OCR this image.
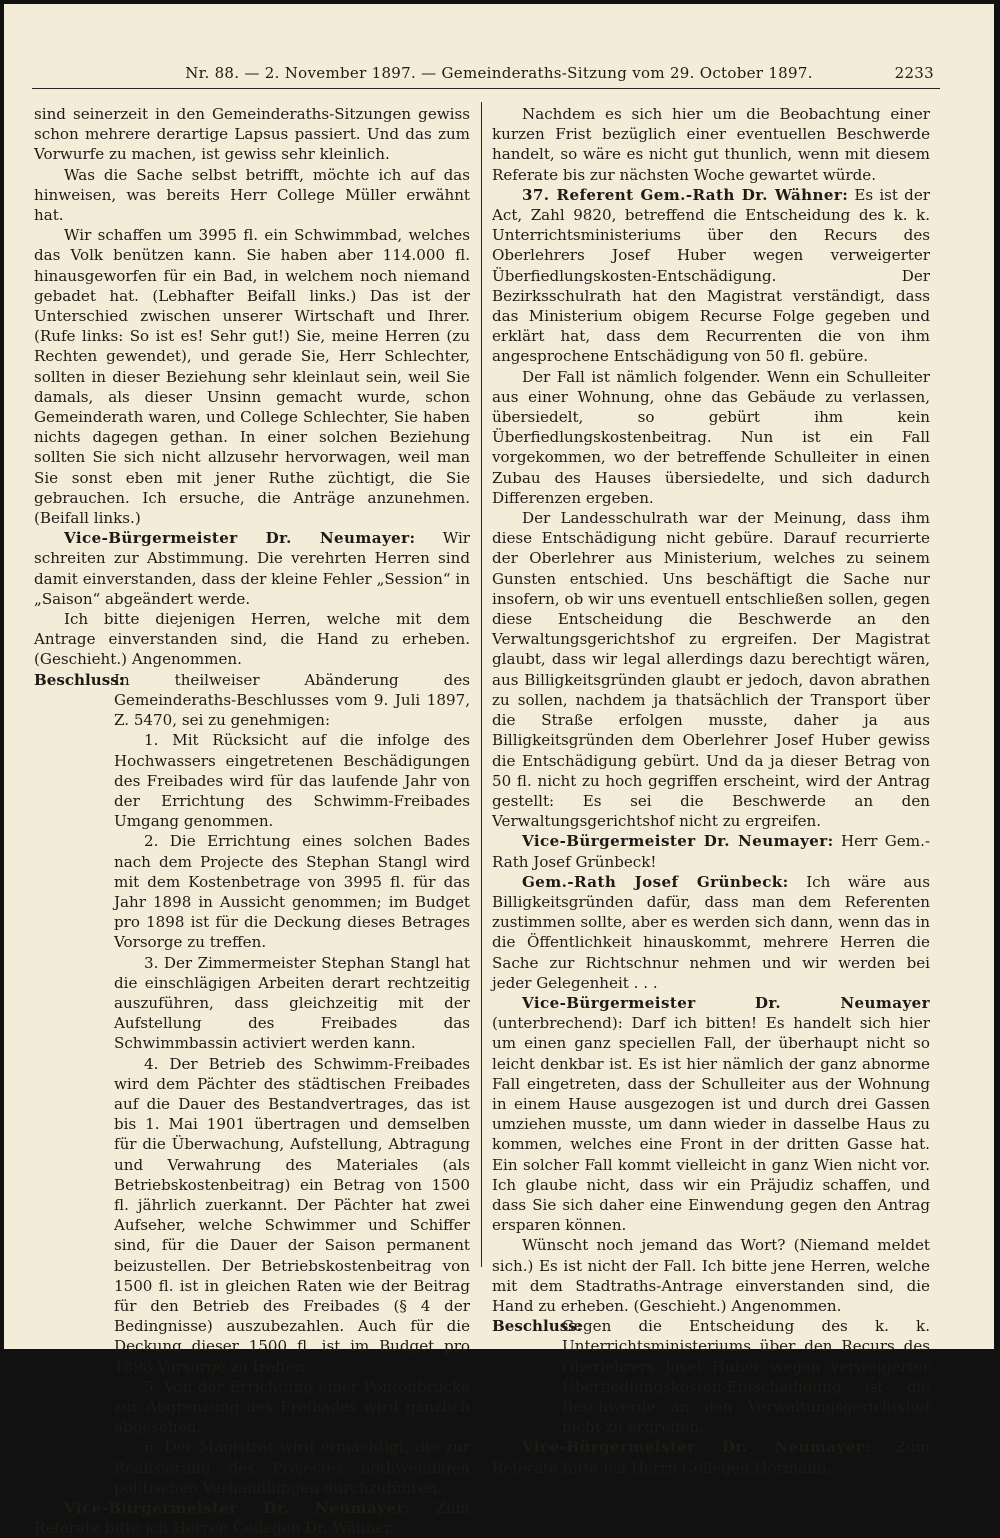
Nr. 88. — 2. November 1897. — Gemeinderaths-Sitzung vom 29. October 1897.	2233

sind seinerzeit in den Gemeinderaths-Sitzungen gewiss schon mehrere derartige Lapsus passiert. Und das zum Vorwurfe zu machen, ist gewiss sehr kleinlich.

Was die Sache selbst betrifft, möchte ich auf das hinweisen, was bereits Herr College Müller erwähnt hat.

Wir schaffen um 3995 fl. ein Schwimmbad, welches das Volk benützen kann. Sie haben aber 114.000 fl. hinausgeworfen für ein Bad, in welchem noch niemand gebadet hat. (Lebhafter Beifall links.) Das ist der Unterschied zwischen unserer Wirtschaft und Ihrer. (Rufe links: So ist es! Sehr gut!) Sie, meine Herren (zu Rechten gewendet), und gerade Sie, Herr Schlechter, sollten in dieser Beziehung sehr kleinlaut sein, weil Sie damals, als dieser Unsinn gemacht wurde, schon Gemeinderath waren, und College Schlechter, Sie haben nichts dagegen gethan. In einer solchen Beziehung sollten Sie sich nicht allzusehr hervorwagen, weil man Sie sonst eben mit jener Ruthe züchtigt, die Sie gebrauchen. Ich ersuche, die Anträge anzunehmen. (Beifall links.)

Vice-Bürgermeister Dr. Neumayer: Wir schreiten zur Abstimmung. Die verehrten Herren sind damit einverstanden, dass der kleine Fehler „Session“ in „Saison“ abgeändert werde.

Ich bitte diejenigen Herren, welche mit dem Antrage einverstanden sind, die Hand zu erheben. (Geschieht.) Angenommen.

Beschluss:
In theilweiser Abänderung des Gemeinderaths-Beschlusses vom 9. Juli 1897, Z. 5470, sei zu genehmigen:

1. Mit Rücksicht auf die infolge des Hochwassers eingetretenen Beschädigungen des Freibades wird für das laufende Jahr von der Errichtung des Schwimm-Freibades Umgang genommen.

2. Die Errichtung eines solchen Bades nach dem Projecte des Stephan Stangl wird mit dem Kostenbetrage von 3995 fl. für das Jahr 1898 in Aussicht genommen; im Budget pro 1898 ist für die Deckung dieses Betrages Vorsorge zu treffen.

3. Der Zimmermeister Stephan Stangl hat die einschlägigen Arbeiten derart rechtzeitig auszuführen, dass gleichzeitig mit der Aufstellung des Freibades das Schwimmbassin activiert werden kann.

4. Der Betrieb des Schwimm-Freibades wird dem Pächter des städtischen Freibades auf die Dauer des Bestandvertrages, das ist bis 1. Mai 1901 übertragen und demselben für die Überwachung, Aufstellung, Abtragung und Verwahrung des Materiales (als Betriebskostenbeitrag) ein Betrag von 1500 fl. jährlich zuerkannt. Der Pächter hat zwei Aufseher, welche Schwimmer und Schiffer sind, für die Dauer der Saison permanent beizustellen. Der Betriebskostenbeitrag von 1500 fl. ist in gleichen Raten wie der Beitrag für den Betrieb des Freibades (§ 4 der Bedingnisse) auszubezahlen. Auch für die Deckung dieser 1500 fl. ist im Budget pro 1898 Vorsorge zu treffen.

5. Von der Errichtung einer Pontonbrücke zur Abgrenzung des Freibades wird gänzlich abgesehen.

6. Der Magistrat wird ermächtigt, die zur Realisierung des Projectes nothwendigen politischen Verhandlungen durchzuführen.

Vice-Bürgermeister Dr. Neumayer: Zum Referate bitte ich Herren Collegen Dr. Wähner.

Nachdem es sich hier um die Beobachtung einer kurzen Frist bezüglich einer eventuellen Beschwerde handelt, so wäre es nicht gut thunlich, wenn mit diesem Referate bis zur nächsten Woche gewartet würde.

37. Referent Gem.-Rath Dr. Wähner: Es ist der Act, Zahl 9820, betreffend die Entscheidung des k. k. Unterrichtsministeriums über den Recurs des Oberlehrers Josef Huber wegen verweigerter Überfiedlungskosten-Entschädigung. Der Bezirksschulrath hat den Magistrat verständigt, dass das Ministerium obigem Recurse Folge gegeben und erklärt hat, dass dem Recurrenten die von ihm angesprochene Entschädigung von 50 fl. gebüre.

Der Fall ist nämlich folgender. Wenn ein Schulleiter aus einer Wohnung, ohne das Gebäude zu verlassen, übersiedelt, so gebürt ihm kein Überfiedlungskostenbeitrag. Nun ist ein Fall vorgekommen, wo der betreffende Schulleiter in einen Zubau des Hauses übersiedelte, und sich dadurch Differenzen ergeben.

Der Landesschulrath war der Meinung, dass ihm diese Entschädigung nicht gebüre. Darauf recurrierte der Oberlehrer aus Ministerium, welches zu seinem Gunsten entschied. Uns beschäftigt die Sache nur insofern, ob wir uns eventuell entschließen sollen, gegen diese Entscheidung die Beschwerde an den Verwaltungsgerichtshof zu ergreifen. Der Magistrat glaubt, dass wir legal allerdings dazu berechtigt wären, aus Billigkeitsgründen glaubt er jedoch, davon abrathen zu sollen, nachdem ja thatsächlich der Transport über die Straße erfolgen musste, daher ja aus Billigkeitsgründen dem Oberlehrer Josef Huber gewiss die Entschädigung gebürt. Und da ja dieser Betrag von 50 fl. nicht zu hoch gegriffen erscheint, wird der Antrag gestellt: Es sei die Beschwerde an den Verwaltungsgerichtshof nicht zu ergreifen.

Vice-Bürgermeister Dr. Neumayer: Herr Gem.-Rath Josef Grünbeck!

Gem.-Rath Josef Grünbeck: Ich wäre aus Billigkeitsgründen dafür, dass man dem Referenten zustimmen sollte, aber es werden sich dann, wenn das in die Öffentlichkeit hinauskommt, mehrere Herren die Sache zur Richtschnur nehmen und wir werden bei jeder Gelegenheit . . .

Vice-Bürgermeister Dr. Neumayer (unterbrechend): Darf ich bitten! Es handelt sich hier um einen ganz speciellen Fall, der überhaupt nicht so leicht denkbar ist. Es ist hier nämlich der ganz abnorme Fall eingetreten, dass der Schulleiter aus der Wohnung in einem Hause ausgezogen ist und durch drei Gassen umziehen musste, um dann wieder in dasselbe Haus zu kommen, welches eine Front in der dritten Gasse hat. Ein solcher Fall kommt vielleicht in ganz Wien nicht vor. Ich glaube nicht, dass wir ein Präjudiz schaffen, und dass Sie sich daher eine Einwendung gegen den Antrag ersparen können.

Wünscht noch jemand das Wort? (Niemand meldet sich.) Es ist nicht der Fall. Ich bitte jene Herren, welche mit dem Stadtraths-Antrage einverstanden sind, die Hand zu erheben. (Geschieht.) Angenommen.

Beschluss:
Gegen die Entscheidung des k. k. Unterrichtsministeriums über den Recurs des Oberlehrers Josef Huber wegen verweigerter Überfiedlungskosten-Entschädigung ist die Beschwerde an den Verwaltungsgerichtshof nicht zu ergreifen.

Vice-Bürgermeister Dr. Neumayer: Zum Referate bitte ich Herrn Collegen Hörmann.
